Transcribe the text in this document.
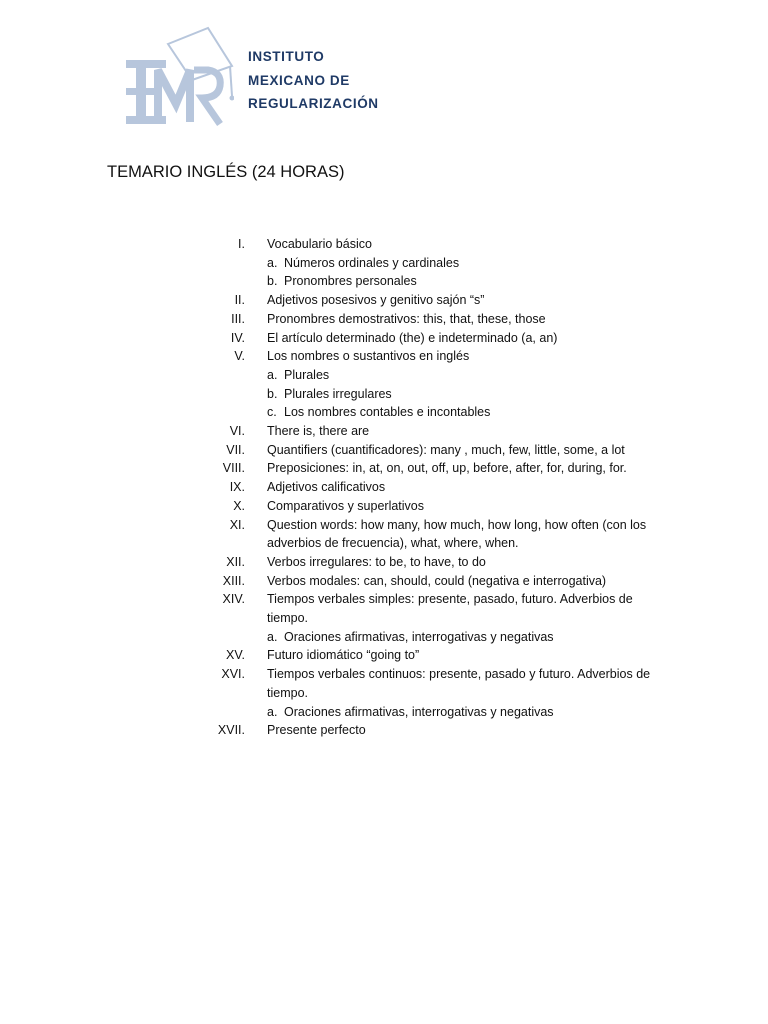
INSTITUTO
MEXICANO DE
REGULARIZACIÓN
TEMARIO INGLÉS (24 HORAS)
I. Vocabulario básico
a. Números ordinales y cardinales
b. Pronombres personales
II. Adjetivos posesivos y genitivo sajón “s”
III. Pronombres demostrativos: this, that, these, those
IV. El artículo determinado (the) e indeterminado (a, an)
V. Los nombres o sustantivos en inglés
a. Plurales
b. Plurales irregulares
c. Los nombres contables e incontables
VI. There is, there are
VII. Quantifiers (cuantificadores): many , much, few, little, some, a lot
VIII. Preposiciones: in, at, on, out, off, up, before, after, for, during, for.
IX. Adjetivos calificativos
X. Comparativos y superlativos
XI. Question words: how many, how much, how long, how often (con los adverbios de frecuencia), what, where, when.
XII. Verbos irregulares: to be, to have, to do
XIII. Verbos modales: can, should, could (negativa e interrogativa)
XIV. Tiempos verbales simples: presente, pasado, futuro. Adverbios de tiempo.
a. Oraciones afirmativas, interrogativas y negativas
XV. Futuro idiomático “going to”
XVI. Tiempos verbales continuos: presente, pasado y futuro. Adverbios de tiempo.
a. Oraciones afirmativas, interrogativas y negativas
XVII. Presente perfecto
